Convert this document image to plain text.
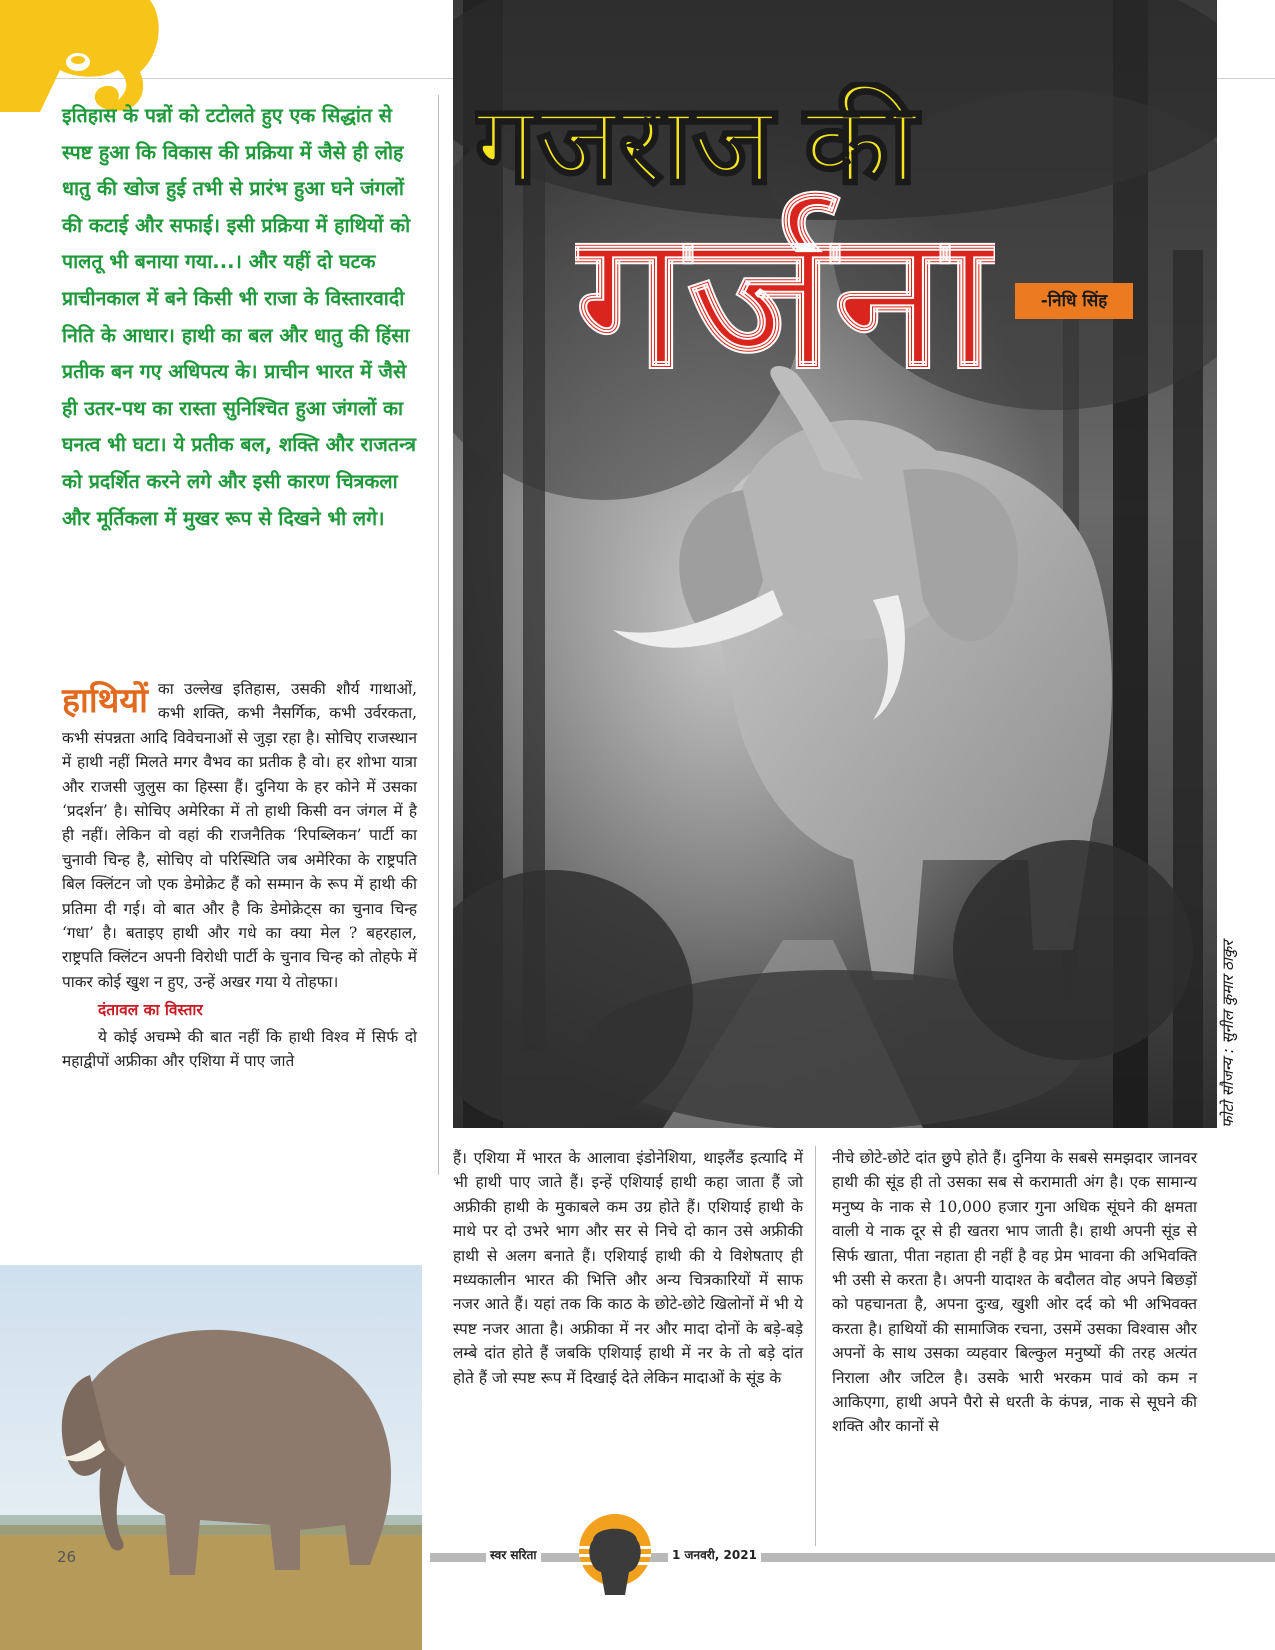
इतिहास के पन्नों को टटोलते हुए एक सिद्धांत से स्पष्ट हुआ कि विकास की प्रक्रिया में जैसे ही लोह धातु की खोज हुई तभी से प्रारंभ हुआ घने जंगलों की कटाई और सफाई। इसी प्रक्रिया में हाथियों को पालतू भी बनाया गया...। और यहीं दो घटक प्राचीनकाल में बने किसी भी राजा के विस्तारवादी निति के आधार। हाथी का बल और धातु की हिंसा प्रतीक बन गए अधिपत्य के। प्राचीन भारत में जैसे ही उतर-पथ का रास्ता सुनिश्चित हुआ जंगलों का घनत्व भी घटा। ये प्रतीक बल, शक्ति और राजतन्त्र को प्रदर्शित करने लगे और इसी कारण चित्रकला और मूर्तिकला में मुखर रूप से दिखने भी लगे।

हाथियों का उल्लेख इतिहास, उसकी शौर्य गाथाओं, कभी शक्ति, कभी नैसर्गिक, कभी उर्वरकता, कभी संपन्नता आदि विवेचनाओं से जुड़ा रहा है। सोचिए राजस्थान में हाथी नहीं मिलते मगर वैभव का प्रतीक है वो। हर शोभा यात्रा और राजसी जुलुस का हिस्सा हैं। दुनिया के हर कोने में उसका ‘प्रदर्शन’ है। सोचिए अमेरिका में तो हाथी किसी वन जंगल में है ही नहीं। लेकिन वो वहां की राजनैतिक ‘रिपब्लिकन’ पार्टी का चुनावी चिन्ह है, सोचिए वो परिस्थिति जब अमेरिका के राष्ट्रपति बिल क्लिंटन जो एक डेमोक्रेट हैं को सम्मान के रूप में हाथी की प्रतिमा दी गई। वो बात और है कि डेमोक्रेट्स का चुनाव चिन्ह ‘गधा’ है। बताइए हाथी और गधे का क्या मेल ? बहरहाल, राष्ट्रपति क्लिंटन अपनी विरोधी पार्टी के चुनाव चिन्ह को तोहफे में पाकर कोई खुश न हुए, उन्हें अखर गया ये तोहफा।

दंतावल का विस्तार

ये कोई अचम्भे की बात नहीं कि हाथी विश्व में सिर्फ दो महाद्वीपों अफ्रीका और एशिया में पाए जाते

गजराज की
गर्जना	-निधि सिंह
फोटो सौजन्य : सुनील कुमार ठाकुर

हैं। एशिया में भारत के आलावा इंडोनेशिया, थाइलैंड इत्यादि में भी हाथी पाए जाते हैं। इन्हें एशियाई हाथी कहा जाता हैं जो अफ्रीकी हाथी के मुकाबले कम उग्र होते हैं। एशियाई हाथी के माथे पर दो उभरे भाग और सर से निचे दो कान उसे अफ्रीकी हाथी से अलग बनाते हैं। एशियाई हाथी की ये विशेषताए ही मध्यकालीन भारत की भित्ति और अन्य चित्रकारियों में साफ नजर आते हैं। यहां तक कि काठ के छोटे-छोटे खिलोनों में भी ये स्पष्ट नजर आता है। अफ्रीका में नर और मादा दोनों के बड़े-बड़े लम्बे दांत होते हैं जबकि एशियाई हाथी में नर के तो बड़े दांत होते हैं जो स्पष्ट रूप में दिखाई देते लेकिन मादाओं के सूंड के

नीचे छोटे-छोटे दांत छुपे होते हैं। दुनिया के सबसे समझदार जानवर हाथी की सूंड ही तो उसका सब से करामाती अंग है। एक सामान्य मनुष्य के नाक से 10,000 हजार गुना अधिक सूंघने की क्षमता वाली ये नाक दूर से ही खतरा भाप जाती है। हाथी अपनी सूंड से सिर्फ खाता, पीता नहाता ही नहीं है वह प्रेम भावना की अभिवक्ति भी उसी से करता है। अपनी यादाश्त के बदौलत वोह अपने बिछड़ों को पहचानता है, अपना दुःख, खुशी ओर दर्द को भी अभिवक्त करता है। हाथियों की सामाजिक रचना, उसमें उसका विश्वास और अपनों के साथ उसका व्यहवार बिल्कुल मनुष्यों की तरह अत्यंत निराला और जटिल है। उसके भारी भरकम पावं को कम न आकिएगा, हाथी अपने पैरो से धरती के कंपन्न, नाक से सूघने की शक्ति और कानों से

26	स्वर सरिता	1 जनवरी, 2021
